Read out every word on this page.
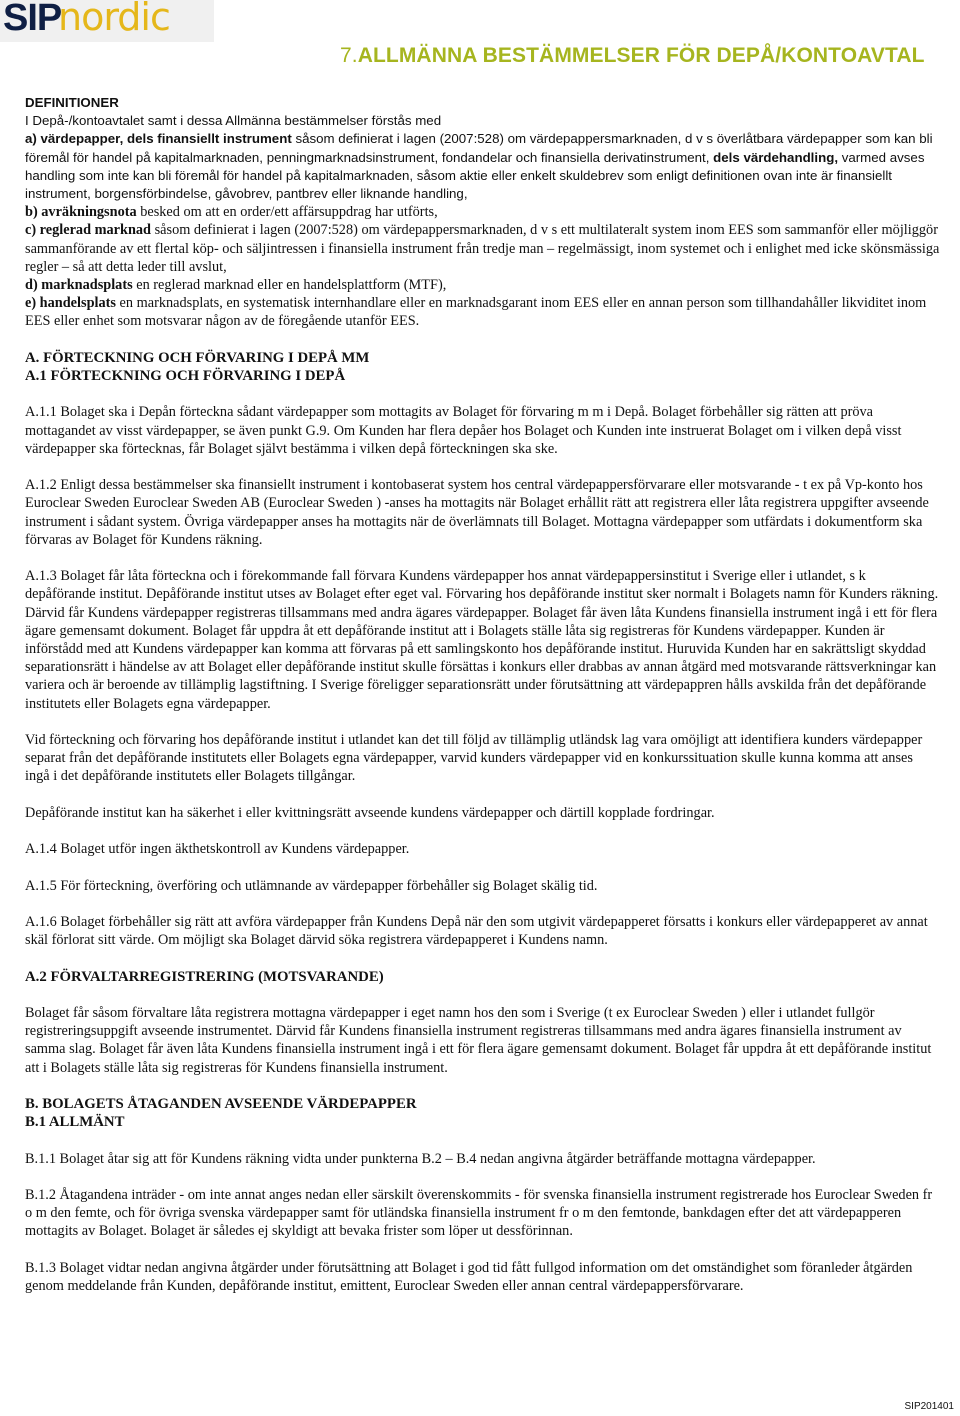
SIP
nordic
7.ALLMÄNNA BESTÄMMELSER FÖR DEPÅ/KONTOAVTAL

DEFINITIONER

I Depå-/kontoavtalet samt i dessa Allmänna bestämmelser förstås med

a) värdepapper, dels finansiellt instrument såsom definierat i lagen (2007:528) om värdepappersmarknaden, d v s överlåtbara värdepapper som kan bli föremål för handel på kapitalmarknaden, penningmarknadsinstrument, fondandelar och finansiella derivatinstrument, dels värdehandling, varmed avses handling som inte kan bli föremål för handel på kapitalmarknaden, såsom aktie eller enkelt skuldebrev som enligt definitionen ovan inte är finansiellt instrument, borgensförbindelse, gåvobrev, pantbrev eller liknande handling,

b) avräkningsnota besked om att en order/ett affärsuppdrag har utförts,

c) reglerad marknad såsom definierat i lagen (2007:528) om värdepappersmarknaden, d v s ett multilateralt system inom EES som sammanför eller möjliggör sammanförande av ett flertal köp- och säljintressen i finansiella instrument från tredje man – regelmässigt, inom systemet och i enlighet med icke skönsmässiga regler – så att detta leder till avslut,

d) marknadsplats en reglerad marknad eller en handelsplattform (MTF),

e) handelsplats en marknadsplats, en systematisk internhandlare eller en marknadsgarant inom EES eller en annan person som tillhandahåller likviditet inom EES eller enhet som motsvarar någon av de föregående utanför EES.

A. FÖRTECKNING OCH FÖRVARING I DEPÅ MM

A.1 FÖRTECKNING OCH FÖRVARING I DEPÅ

A.1.1 Bolaget ska i Depån förteckna sådant värdepapper som mottagits av Bolaget för förvaring m m i Depå. Bolaget förbehåller sig rätten att pröva mottagandet av visst värdepapper, se även punkt G.9. Om Kunden har flera depåer hos Bolaget och Kunden inte instruerat Bolaget om i vilken depå visst värdepapper ska förtecknas, får Bolaget självt bestämma i vilken depå förteckningen ska ske.

A.1.2 Enligt dessa bestämmelser ska finansiellt instrument i kontobaserat system hos central värdepappersförvarare eller motsvarande - t ex på Vp-konto hos Euroclear Sweden Euroclear Sweden AB (Euroclear Sweden ) -anses ha mottagits när Bolaget erhållit rätt att registrera eller låta registrera uppgifter avseende instrument i sådant system. Övriga värdepapper anses ha mottagits när de överlämnats till Bolaget. Mottagna värdepapper som utfärdats i dokumentform ska förvaras av Bolaget för Kundens räkning.

A.1.3 Bolaget får låta förteckna och i förekommande fall förvara Kundens värdepapper hos annat värdepappersinstitut i Sverige eller i utlandet, s k depåförande institut. Depåförande institut utses av Bolaget efter eget val. Förvaring hos depåförande institut sker normalt i Bolagets namn för Kunders räkning. Därvid får Kundens värdepapper registreras tillsammans med andra ägares värdepapper. Bolaget får även låta Kundens finansiella instrument ingå i ett för flera ägare gemensamt dokument. Bolaget får uppdra åt ett depåförande institut att i Bolagets ställe låta sig registreras för Kundens värdepapper. Kunden är införstådd med att Kundens värdepapper kan komma att förvaras på ett samlingskonto hos depåförande institut. Huruvida Kunden har en sakrättsligt skyddad separationsrätt i händelse av att Bolaget eller depåförande institut skulle försättas i konkurs eller drabbas av annan åtgärd med motsvarande rättsverkningar kan variera och är beroende av tillämplig lagstiftning. I Sverige föreligger separationsrätt under förutsättning att värdepappren hålls avskilda från det depåförande institutets eller Bolagets egna värdepapper.

Vid förteckning och förvaring hos depåförande institut i utlandet kan det till följd av tillämplig utländsk lag vara omöjligt att identifiera kunders värdepapper separat från det depåförande institutets eller Bolagets egna värdepapper, varvid kunders värdepapper vid en konkurssituation skulle kunna komma att anses ingå i det depåförande institutets eller Bolagets tillgångar.

Depåförande institut kan ha säkerhet i eller kvittningsrätt avseende kundens värdepapper och därtill kopplade fordringar.

A.1.4 Bolaget utför ingen äkthetskontroll av Kundens värdepapper.

A.1.5 För förteckning, överföring och utlämnande av värdepapper förbehåller sig Bolaget skälig tid.

A.1.6 Bolaget förbehåller sig rätt att avföra värdepapper från Kundens Depå när den som utgivit värdepapperet försatts i konkurs eller värdepapperet av annat skäl förlorat sitt värde. Om möjligt ska Bolaget därvid söka registrera värdepapperet i Kundens namn.

A.2 FÖRVALTARREGISTRERING (MOTSVARANDE)

Bolaget får såsom förvaltare låta registrera mottagna värdepapper i eget namn hos den som i Sverige (t ex Euroclear Sweden ) eller i utlandet fullgör registreringsuppgift avseende instrumentet. Därvid får Kundens finansiella instrument registreras tillsammans med andra ägares finansiella instrument av samma slag. Bolaget får även låta Kundens finansiella instrument ingå i ett för flera ägare gemensamt dokument. Bolaget får uppdra åt ett depåförande institut att i Bolagets ställe låta sig registreras för Kundens finansiella instrument.

B. BOLAGETS ÅTAGANDEN AVSEENDE VÄRDEPAPPER

B.1 ALLMÄNT

B.1.1 Bolaget åtar sig att för Kundens räkning vidta under punkterna B.2 – B.4 nedan angivna åtgärder beträffande mottagna värdepapper.

B.1.2 Åtagandena inträder - om inte annat anges nedan eller särskilt överenskommits - för svenska finansiella instrument registrerade hos Euroclear Sweden fr o m den femte, och för övriga svenska värdepapper samt för utländska finansiella instrument fr o m den femtonde, bankdagen efter det att värdepapperen mottagits av Bolaget. Bolaget är således ej skyldigt att bevaka frister som löper ut dessförinnan.

B.1.3 Bolaget vidtar nedan angivna åtgärder under förutsättning att Bolaget i god tid fått fullgod information om det omständighet som föranleder åtgärden genom meddelande från Kunden, depåförande institut, emittent, Euroclear Sweden eller annan central värdepappersförvarare.

SIP201401
